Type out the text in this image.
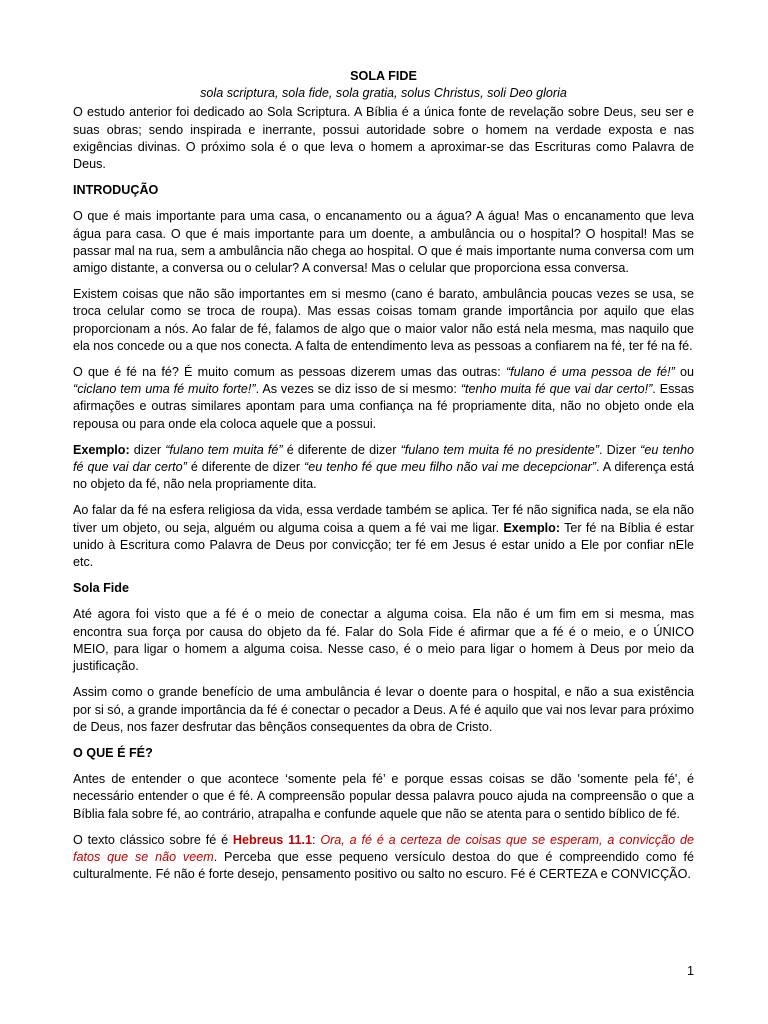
SOLA FIDE
sola scriptura, sola fide, sola gratia, solus Christus, soli Deo gloria

O estudo anterior foi dedicado ao Sola Scriptura. A Bíblia é a única fonte de revelação sobre Deus, seu ser e suas obras; sendo inspirada e inerrante, possui autoridade sobre o homem na verdade exposta e nas exigências divinas. O próximo sola é o que leva o homem a aproximar-se das Escrituras como Palavra de Deus.

INTRODUÇÃO

O que é mais importante para uma casa, o encanamento ou a água? A água! Mas o encanamento que leva água para casa. O que é mais importante para um doente, a ambulância ou o hospital? O hospital! Mas se passar mal na rua, sem a ambulância não chega ao hospital. O que é mais importante numa conversa com um amigo distante, a conversa ou o celular? A conversa! Mas o celular que proporciona essa conversa.

Existem coisas que não são importantes em si mesmo (cano é barato, ambulância poucas vezes se usa, se troca celular como se troca de roupa). Mas essas coisas tomam grande importância por aquilo que elas proporcionam a nós. Ao falar de fé, falamos de algo que o maior valor não está nela mesma, mas naquilo que ela nos concede ou a que nos conecta. A falta de entendimento leva as pessoas a confiarem na fé, ter fé na fé.

O que é fé na fé? É muito comum as pessoas dizerem umas das outras: “fulano é uma pessoa de fé!” ou “ciclano tem uma fé muito forte!”. As vezes se diz isso de si mesmo: “tenho muita fé que vai dar certo!”. Essas afirmações e outras similares apontam para uma confiança na fé propriamente dita, não no objeto onde ela repousa ou para onde ela coloca aquele que a possui.

Exemplo: dizer “fulano tem muita fé” é diferente de dizer “fulano tem muita fé no presidente”. Dizer “eu tenho fé que vai dar certo” é diferente de dizer “eu tenho fé que meu filho não vai me decepcionar”. A diferença está no objeto da fé, não nela propriamente dita.

Ao falar da fé na esfera religiosa da vida, essa verdade também se aplica. Ter fé não significa nada, se ela não tiver um objeto, ou seja, alguém ou alguma coisa a quem a fé vai me ligar. Exemplo: Ter fé na Bíblia é estar unido à Escritura como Palavra de Deus por convicção; ter fé em Jesus é estar unido a Ele por confiar nEle etc.

Sola Fide

Até agora foi visto que a fé é o meio de conectar a alguma coisa. Ela não é um fim em si mesma, mas encontra sua força por causa do objeto da fé. Falar do Sola Fide é afirmar que a fé é o meio, e o ÚNICO MEIO, para ligar o homem a alguma coisa. Nesse caso, é o meio para ligar o homem à Deus por meio da justificação.

Assim como o grande benefício de uma ambulância é levar o doente para o hospital, e não a sua existência por si só, a grande importância da fé é conectar o pecador a Deus. A fé é aquilo que vai nos levar para próximo de Deus, nos fazer desfrutar das bênçãos consequentes da obra de Cristo.

O QUE É FÉ?

Antes de entender o que acontece ‘somente pela fé’ e porque essas coisas se dão 'somente pela fé', é necessário entender o que é fé. A compreensão popular dessa palavra pouco ajuda na compreensão o que a Bíblia fala sobre fé, ao contrário, atrapalha e confunde aquele que não se atenta para o sentido bíblico de fé.

O texto clássico sobre fé é Hebreus 11.1: Ora, a fé é a certeza de coisas que se esperam, a convicção de fatos que se não veem. Perceba que esse pequeno versículo destoa do que é compreendido como fé culturalmente. Fé não é forte desejo, pensamento positivo ou salto no escuro. Fé é CERTEZA e CONVICÇÃO.

1
